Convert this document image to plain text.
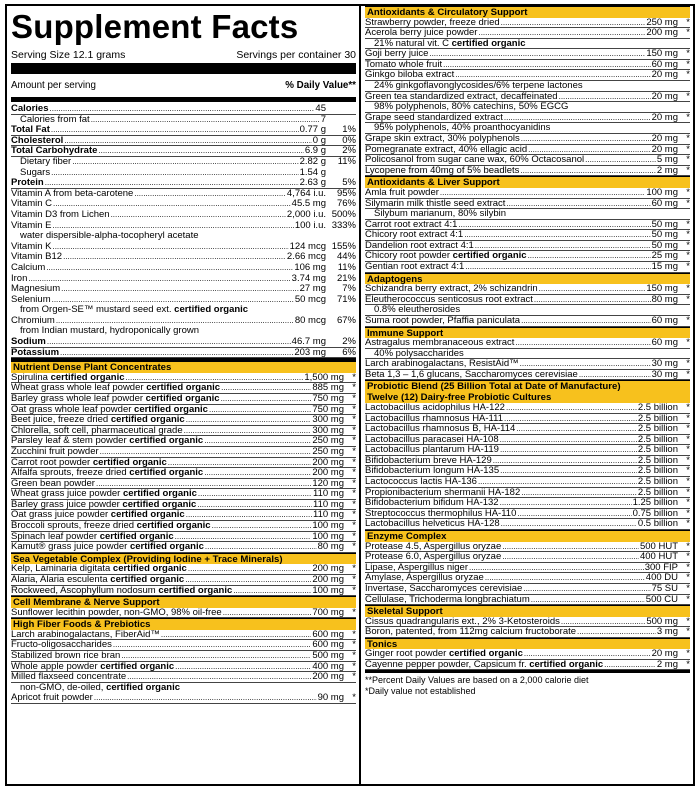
Supplement Facts
Serving Size 12.1 grams	Servings per container 30
Amount per serving	% Daily Value**
Calories .....	45
Calories from fat .....	7
Total Fat .....	0.77 g	1%
Cholesterol .....	0 g	0%
Total Carbohydrate .....	6.9 g	2%
Dietary fiber .....	2.82 g	11%
Sugars .....	1.54 g
Protein .....	2.63 g	5%
Vitamin A from beta-carotene .....	4,764 i.u.	95%
Vitamin C .....	45.5 mg	76%
Vitamin D3 from Lichen .....	2,000 i.u. 500%
Vitamin E .....	100 i.u. 333%
water dispersible-alpha-tocopheryl acetate
Vitamin K .....	124 mcg 155%
Vitamin B12 .....	2.66 mcg	44%
Calcium .....	106 mg	11%
Iron .....	3.74 mg	21%
Magnesium .....	27 mg	7%
Selenium .....	50 mcg	71%
from Orgen-SE™ mustard seed ext. certified organic
Chromium .....	80 mcg	67%
from Indian mustard, hydroponically grown
Sodium .....	46.7 mg	2%
Potassium .....	203 mg	6%
Nutrient Dense Plant Concentrates
Spirulina certified organic .....	1,500 mg *
Wheat grass whole leaf powder certified organic .....	885 mg *
Barley grass whole leaf powder certified organic .....	750 mg *
Oat grass whole leaf powder certified organic .....	750 mg *
Beet juice, freeze dried certified organic .....	300 mg *
Chlorella, soft cell, pharmaceutical grade .....	300 mg *
Parsley leaf & stem powder certified organic .....	250 mg *
Zucchini fruit powder .....	250 mg *
Carrot root powder certified organic .....	200 mg *
Alfalfa sprouts, freeze dried certified organic .....	200 mg *
Green bean powder .....	120 mg *
Wheat grass juice powder certified organic .....	110 mg *
Barley grass juice powder certified organic .....	110 mg *
Oat grass juice powder certified organic .....	110 mg *
Broccoli sprouts, freeze dried certified organic .....	100 mg *
Spinach leaf powder certified organic .....	100 mg *
Kamut® grass juice powder certified organic .....	80 mg *
Sea Vegetable Complex (Providing Iodine + Trace Minerals)
Kelp, Laminaria digitata certified organic .....	200 mg *
Alaria, Alaria esculenta certified organic .....	200 mg *
Rockweed, Ascophyllum nodosum certified organic .....	100 mg *
Cell Membrane & Nerve Support
Sunflower lecithin powder, non-GMO, 98% oil-free .....	700 mg *
High Fiber Foods & Prebiotics
Larch arabinogalactans, FiberAid™ .....	600 mg *
Fructo-oligosaccharides .....	600 mg *
Stabilized brown rice bran .....	500 mg *
Whole apple powder certified organic .....	400 mg *
Milled flaxseed concentrate .....	200 mg *
non-GMO, de-oiled, certified organic
Apricot fruit powder .....	90 mg *
Antioxidants & Circulatory Support
Strawberry powder, freeze dried .....	250 mg *
Acerola berry juice powder .....	200 mg *
21% natural vit. C certified organic
Goji berry juice .....	150 mg *
Tomato whole fruit .....	60 mg *
Ginkgo biloba extract .....	20 mg *
24% ginkgoflavonglycosides/6% terpene lactones
Green tea standardized extract, decaffeinated .....	20 mg *
98% polyphenols, 80% catechins, 50% EGCG
Grape seed standardized extract .....	20 mg *
95% polyphenols, 40% proanthocyanidins
Grape skin extract, 30% polyphenols .....	20 mg *
Pomegranate extract, 40% ellagic acid .....	20 mg *
Policosanol from sugar cane wax, 60% Octacosanol .....	5 mg *
Lycopene from 40mg of 5% beadlets .....	2 mg *
Antioxidants & Liver Support
Amla fruit powder .....	100 mg *
Silymarin milk thistle seed extract .....	60 mg *
Silybum marianum, 80% silybin
Carrot root extract 4:1 .....	50 mg *
Chicory root extract 4:1 .....	50 mg *
Dandelion root extract 4:1 .....	50 mg *
Chicory root powder certified organic .....	25 mg *
Gentian root extract 4:1 .....	15 mg *
Adaptogens
Schizandra berry extract, 2% schizandrin .....	150 mg *
Eleutherococcus senticosus root extract .....	80 mg *
0.8% eleutherosides
Suma root powder, Pfaffia paniculata .....	60 mg *
Immune Support
Astragalus membranaceous extract .....	60 mg *
40% polysaccharides
Larch arabinogalactans, ResistAid™ .....	30 mg *
Beta 1,3 – 1,6 glucans, Saccharomyces cerevisiae .....	30 mg *
Probiotic Blend (25 Billion Total at Date of Manufacture)
Twelve (12) Dairy-free Probiotic Cultures
Lactobacillus acidophilus HA-122 .....	2.5 billion *
Lactobacillus rhamnosus HA-111 .....	2.5 billion *
Lactobacillus rhamnosus B, HA-114 .....	2.5 billion *
Lactobacillus paracasei HA-108 .....	2.5 billion *
Lactobacillus plantarum HA-119 .....	2.5 billion *
Bifidobacterium breve HA-129 .....	2.5 billion *
Bifidobacterium longum HA-135 .....	2.5 billion *
Lactococcus lactis HA-136 .....	2.5 billion *
Propionibacterium shermanii HA-182 .....	2.5 billion *
Bifidobacterium bifidum HA-132 .....	1.25 billion *
Streptococcus thermophilus HA-110 .....	0.75 billion *
Lactobacillus helveticus HA-128 .....	0.5 billion *
Enzyme Complex
Protease 4.5, Aspergillus oryzae .....	500 HUT *
Protease 6.0, Aspergillus oryzae .....	400 HUT *
Lipase, Aspergillus niger .....	300 FIP *
Amylase, Aspergillus oryzae .....	400 DU *
Invertase, Saccharomyces cerevisiae .....	75 SU *
Cellulase, Trichoderma longbrachiatum .....	500 CU *
Skeletal Support
Cissus quadrangularis ext., 2% 3-Ketosteroids .....	500 mg *
Boron, patented, from 112mg calcium fructoborate .....	3 mg *
Tonics
Ginger root powder certified organic .....	20 mg *
Cayenne pepper powder, Capsicum fr. certified organic .....	2 mg *
**Percent Daily Values are based on a 2,000 calorie diet
*Daily value not established
